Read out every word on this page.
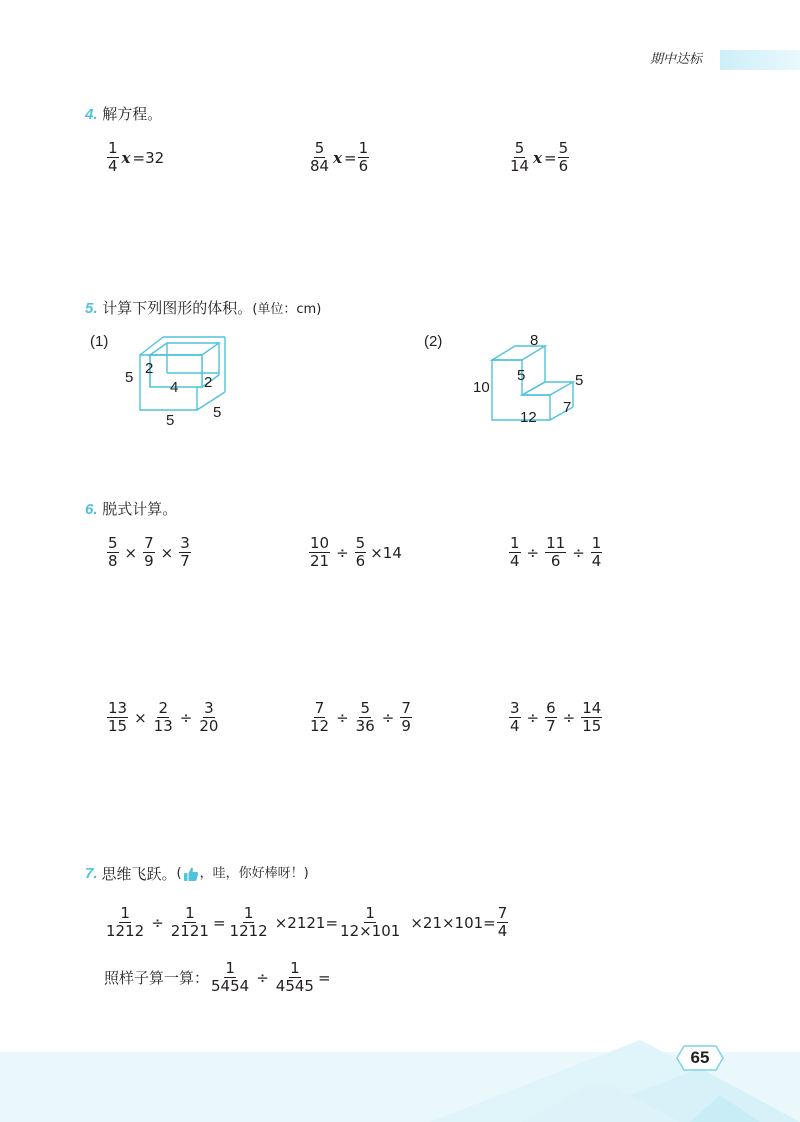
期中达标
4. 解方程。
$\frac{1}{4}$ x =32	$\frac{5}{84}$ $x = \frac{1}{6}$	$\frac{5}{14}$ $x = \frac{5}{6}$
5. 计算下列图形的体积。(单位：cm)
(1)
5
2
4 2
5	5
(2)	8
10
5	5
12
7
6. 脱式计算。
$\frac{5}{8} \times \frac{7}{9} \times \frac{3}{7}$	$\frac{10}{21} \div \frac{5}{6} \times 14$	$\frac{1}{4} \div \frac{11}{6} \div \frac{1}{4}$
$\frac{13}{15} \times \frac{2}{13} \div \frac{3}{20}$	$\frac{7}{12} \div \frac{5}{36} \div \frac{7}{9}$	$\frac{3}{4} \div \frac{6}{7} \div \frac{14}{15}$
7. 思维飞跃。 ( ，哇，你好棒呀！)
$\frac{1}{1212} \div \frac{1}{2121} = \frac{1}{1212} \times 2121= \frac{1}{12\times 101} \times 21\times 101= \frac{7}{4}$
照样子算一算： $\frac{1}{5454} \div \frac{1}{4545}$ =
65
